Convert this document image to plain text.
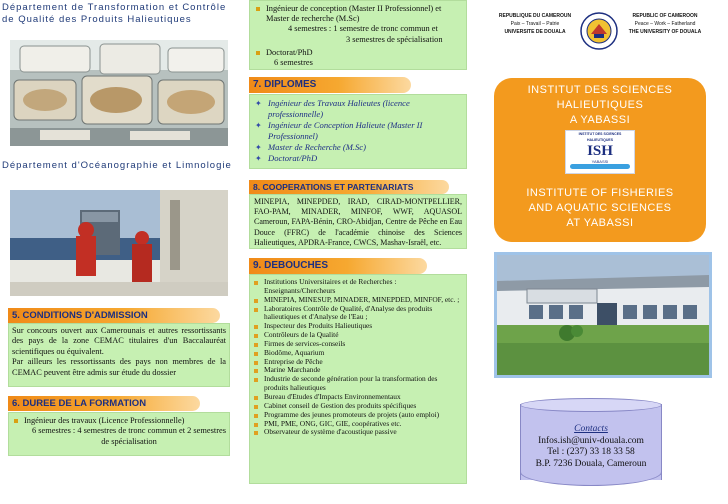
Département de Transformation et Contrôle de Qualité des Produits Halieutiques
Département d'Océanographie et Limnologie
5. CONDITIONS D'ADMISSION
Sur concours ouvert aux Camerounais et autres ressortissants des pays de la zone CEMAC titulaires d'un Baccalauréat scientifiques ou équivalent.
Par ailleurs les ressortissants des pays non membres de la CEMAC peuvent être admis sur étude du dossier
6. DUREE DE LA FORMATION
Ingénieur des travaux (Licence Professionnelle)
6 semestres : 4 semestres de tronc commun et 2 semestres de spécialisation
Ingénieur de conception (Master II Professionnel) et Master de recherche (M.Sc)
4 semestres : 1 semestre de tronc commun et
3 semestres de spécialisation
Doctorat/PhD
6 semestres
7. DIPLOMES
✦ Ingénieur des Travaux Halieutes (licence professionnelle)
✦ Ingénieur de Conception Halieute (Master II Professionnel)
✦ Master de Recherche (M.Sc)
✦ Doctorat/PhD
8. COOPERATIONS ET PARTENARIATS
MINEPIA, MINEPDED, IRAD, CIRAD-MONTPELLIER, FAO-PAM, MINADER, MINFOF, WWF, AQUASOL Cameroun, FAPA-Bénin, CRO-Abidjan, Centre de Pêche en Eau Douce (FFRC) de l'académie chinoise des Sciences Halieutiques, APDRA-France, CWCS, Mashav-Israël, etc.
9. DEBOUCHES
Institutions Universitaires et de Recherches : Enseignants/Chercheurs
MINEPIA, MINESUP, MINADER, MINEPDED, MINFOF, etc. ;
Laboratoires Contrôle de Qualité, d'Analyse des produits halieutiques et d'Analyse de l'Eau ;
Inspecteur des Produits Halieutiques
Contrôleurs de la Qualité
Firmes de services-conseils
Biodôme, Aquarium
Entreprise de Pêche
Marine Marchande
Industrie de seconde génération pour la transformation des produits halieutiques
Bureau d'Etudes d'Impacts Environnementaux
Cabinet conseil de Gestion des produits spécifiques
Programme des jeunes promoteurs de projets (auto emploi)
PMI, PME, ONG, GIC, GIE, coopératives etc.
Observateur de système d'acoustique passive
REPUBLIQUE DU CAMEROUN
Paix – Travail – Patrie
UNIVERSITE DE DOUALA
REPUBLIC OF CAMEROON
Peace – Work – Fatherland
THE UNIVERSITY OF DOUALA
INSTITUT DES SCIENCES
HALIEUTIQUES
A YABASSI
INSTITUT DES SCIENCES HALIEUTIQUES
ISH
YABASSI
INSTITUTE OF FISHERIES
AND AQUATIC SCIENCES
AT YABASSI
Contacts
Infos.ish@univ-douala.com
Tel : (237) 33 18 33 58
B.P. 7236 Douala, Cameroun
